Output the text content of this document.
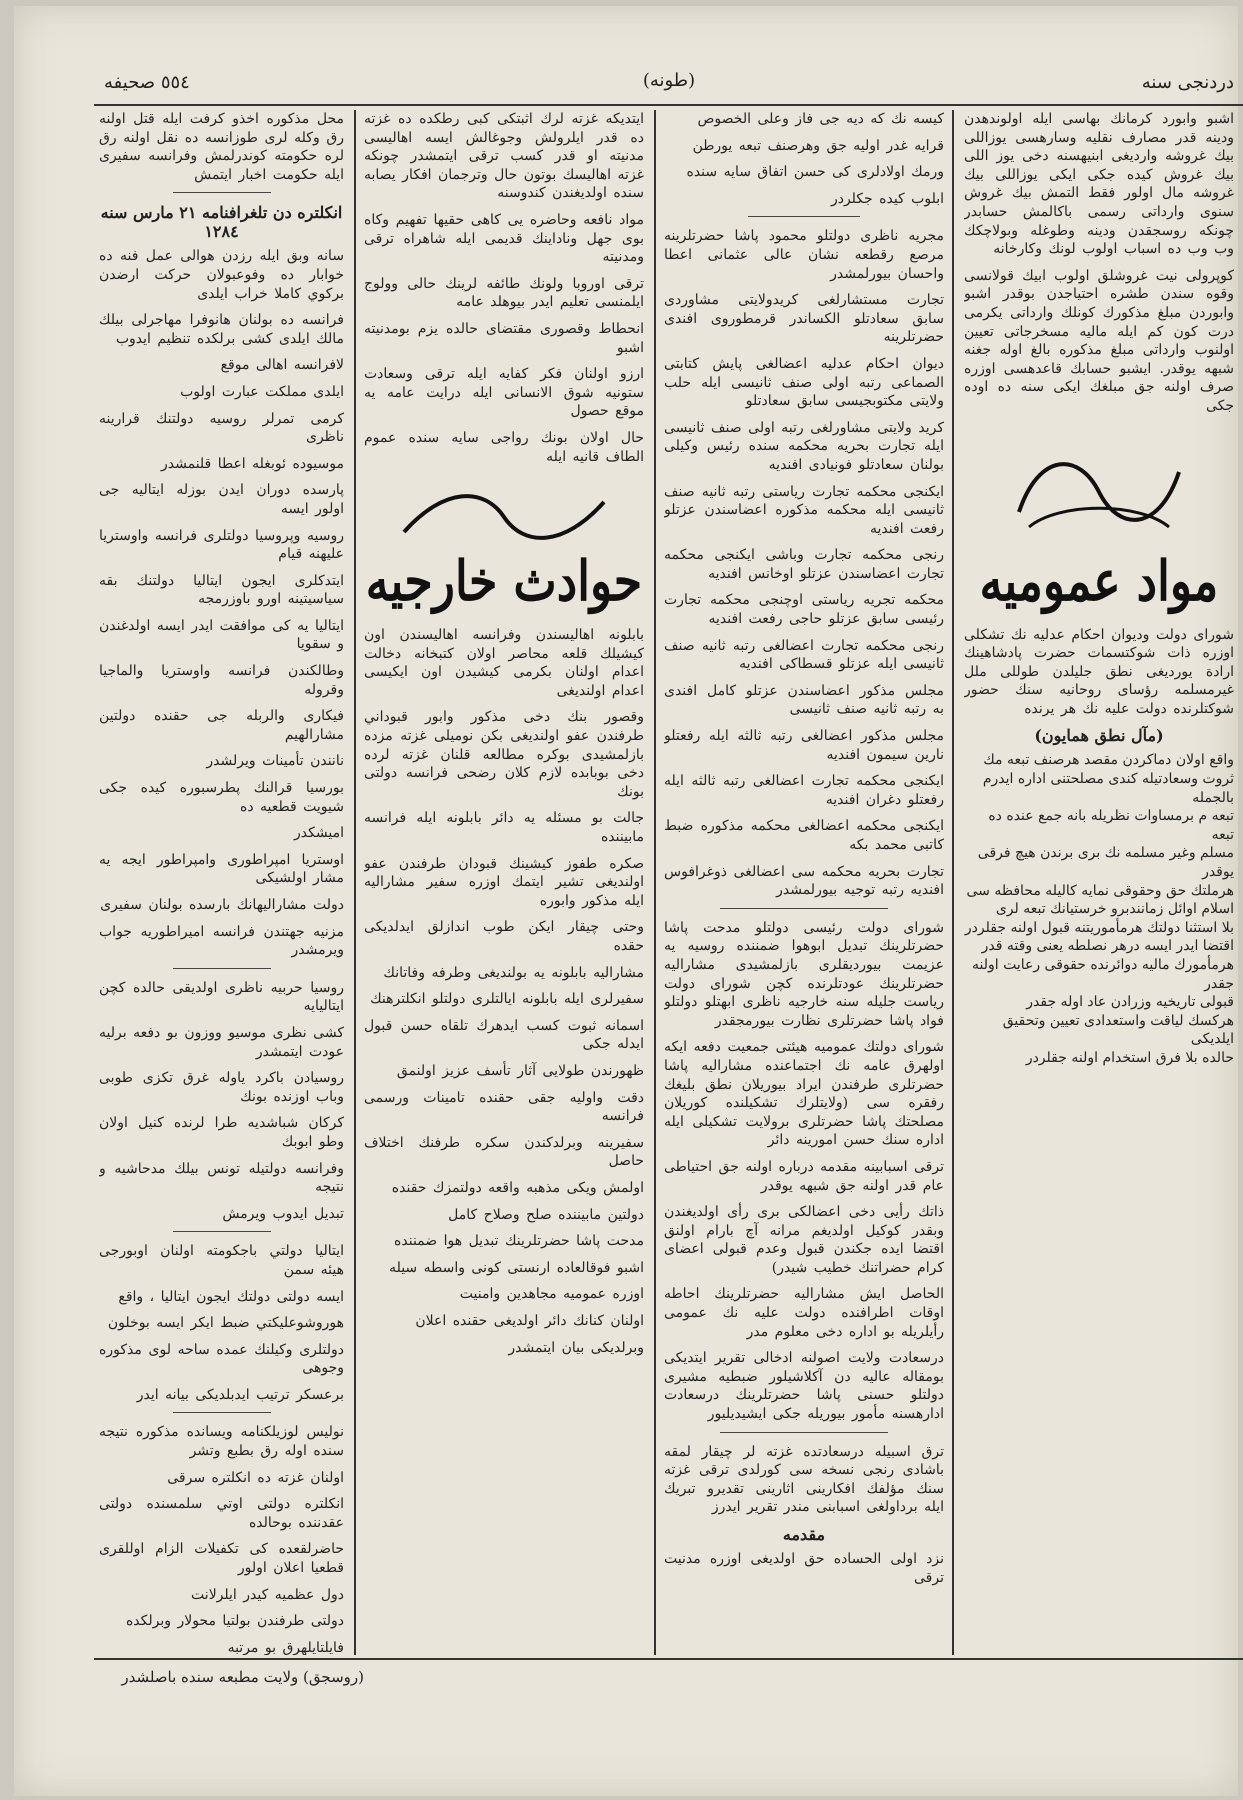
٥٥٤ صحيفه	(طونه)	دردنجى سنه

اشبو وابورد كرمانك بهاسى ايله اولوندهدن ودينه قدر مصارف نقليه وسارهسى يوزاللى بيك غروشه وارديغى ابنيهسنه دخى يوز اللى بيك غروش كيده جكى ايكى يوزاللى بيك غروشه مال اولور فقط التمش بيك غروش سنوى وارداتى رسمى باكالمش حسابدر چونكه روسجقدن ودينه وطوغله وبولاچكك وب وب ده اسباب اولوب لونك وكارخانه

كوپرولى نيت غروشلق اولوب ابيك قولانسى وقوه سندن طشره احتياجدن بوقدر اشبو وابوردن مبلغ مذكورك كونلك وارداتى يكرمى درت كون كم ايله ماليه مسخرجاتى تعيين اولنوب وارداتى مبلغ مذكوره بالغ اوله جغنه شبهه يوقدر. ايشبو حسابك قاعدهسى اوزره صرف اولنه جق مبلغك ايكى سنه ده اوده جكى

مواد عموميه

شوراى دولت وديوان احكام عدليه نك تشكلى اوزره ذات شوكتسمات حضرت پادشاهينك ارادة يورديغى نطق جليلدن طوللى ملل غيرمسلمه رؤساى روحانيه سنك حضور شوكتلرنده دولت عليه نك هر يرنده

(مآل نطق همايون)
واقع اولان دماكردن مقصد هرصنف تبعه مك
ثروت وسعادتيله كندى مصلحتنى اداره ايدرم بالجمله
تبعه م برمساوات نظريله بانه جمع عنده ده تبعه
مسلم وغير مسلمه نك برى برندن هيچ فرقى يوقدر
هرملتك حق وحقوقى نمايه كاليله محافظه سى
اسلام اوائل زمانندبرو خرستيانك تبعه لرى
بلا استثنا دولتك هرمأموريتنه قبول اولنه جقلردر
اقتضا ايدر ايسه درهر نصلطه يعنى وقته قدر
هرمأمورك ماليه دوائرنده حقوقى رعايت اولنه جقدر
قبولى تاريخيه وزرادن عاد اوله جقدر
هركسك لياقت واستعدادى تعيين وتحقيق ايلديكى
حالده بلا فرق استخدام اولنه جقلردر

كيسه نك كه ديه جى فاز وعلى الخصوص

قرايه غدر اوليه جق وهرصنف تبعه يورطن

ورمك اولادلرى كى حسن اتفاق سايه سنده

ابلوب كيده جكلردر

مجريه ناظرى دولتلو محمود پاشا حضرتلرينه مرصع رقطعه نشان عالى عثمانى اعطا واحسان بيورلمشدر

تجارت مستشارلغى كريدولايتى مشاوردى سابق سعادتلو الكساندر قرمطوروى افندى حضرتلرينه

ديوان احكام عدليه اعضالغى پايش كتابتى الصماعى رتبه اولى صنف ثانيسى ايله حلب ولايتى مكتوبجيسى سابق سعادتلو

كريد ولايتى مشاورلغى رتبه اولى صنف ثانيسى ايله تجارت بحريه محكمه سنده رئيس وكيلى بولنان سعادتلو فونيادى افنديه

ايكنجى محكمه تجارت رياستى رتبه ثانيه صنف ثانيسى ايله محكمه مذكوره اعضاسندن عزتلو رفعت افنديه

رنجى محكمه تجارت وباشى ايكنجى محكمه تجارت اعضاسندن عزتلو اوخانس افنديه

محكمه تجريه رياستى اوچنجى محكمه تجارت رئيسى سابق عزتلو حاجى رفعت افنديه

رنجى محكمه تجارت اعضالغى رتبه ثانيه صنف ثانيسى ايله عزتلو قسطاكى افنديه

مجلس مذكور اعضاسندن عزتلو كامل افندى به رتبه ثانيه صنف ثانيسى

مجلس مذكور اعضالغى رتبه ثالثه ايله رفعتلو نارين سيمون افنديه

ايكنجى محكمه تجارت اعضالغى رتبه ثالثه ايله رفعتلو دغران افنديه

ايكنجى محكمه اعضالغى محكمه مذكوره ضبط كاتبى محمد بكه

تجارت بحريه محكمه سى اعضالغى ذوغرافوس افنديه رتبه توجيه بيورلمشدر

شوراى دولت رئيسى دولتلو مدحت پاشا حضرتلرينك تبديل ابوهوا ضمننده روسيه يه عزيمت بيورديقلرى بازلمشيدى مشاراليه حضرتلرينك عودتلرنده كچن شوراى دولت رياست جليله سنه خارجيه ناظرى ابهتلو دولتلو فواد پاشا حضرتلرى نظارت بيورمجقدر

شوراى دولتك عموميه هيئتى جمعيت دفعه ايكه اولهرق عامه نك اجتماعنده مشاراليه پاشا حضرتلرى طرفندن ايراد بيوريلان نطق بليغك رفقره سى (ولايتلرك تشكيلنده كوريلان مصلحتك پاشا حضرتلرى برولايت تشكيلى ايله اداره سنك حسن امورينه دائر

ترقى اسبابينه مقدمه درباره اولنه جق احتياطى عام قدر اولنه جق شبهه يوقدر

ذاتك رأيى دخى اعضالكى برى رأى اولديغندن وبقدر كوكيل اولديغم مرانه آچ بارام اولنق اقتضا ايده جكندن قبول وعدم قبولى اعضاى كرام حضراتنك خطيب شيدر)

الحاصل ايش مشاراليه حضرتلرينك احاطه اوقات اطرافنده دولت عليه نك عمومى رأيلريله بو اداره دخى معلوم مدر

درسعادت ولايت اصولنه ادخالى تقرير ايتديكى بومقاله عاليه دن آكلاشيلور ضبطيه مشيرى دولتلو حسنى پاشا حضرتلرينك درسعادت ادارهسنه مأمور بيوريله جكى ايشيديليور

ترق اسبيله درسعادتده غزته لر چيقار لمقه باشادى رنجى نسخه سى كورلدى ترقى غزته سنك مؤلفك افكارينى اثارينى تقديرو تبريك ايله برداولغى اسبابنى مندر تقرير ايدرز

مقدمه

نزد اولى الحساده حق اولديغى اوزره مدنيت ترقى

ايتديكه غزته لرك اثبتكى كبى رطكده ده غزته ده قدر ايلرولش وجوغالش ايسه اهاليسى مدنيته او قدر كسب ترقى ايتمشدر چونكه غزته اهاليسك بوتون حال وترجمان افكار يصابه سنده اولديغندن كندوسنه

مواد نافعه وحاضره يى كاهى حقيها تفهيم وكاه بوى جهل وناداينك قديمى ايله شاهراه ترقى ومدنيته

ترقى اوروبا ولونك طائفه لرينك حالى وولوج ايلمنسى تعليم ايدر بيوهلد عامه

انحطاط وقصورى مقتضاى حالده يزم بومدنيته اشبو

ارزو اولنان فكر كفايه ايله ترقى وسعادت ستونيه شوق الانسانى ايله درايت عامه يه موقع حصول

حال اولان بونك رواجى سايه سنده عموم الطاف قانيه ايله

حوادث خارجيه

بابلونه اهاليسندن وفرانسه اهاليسندن اون كيشيلك قلعه محاصر اولان كتبخانه دخالت اعدام اولنان بكرمى كيشيدن اون ايكيسى اعدام اولنديغى

وقصور بنك دخى مذكور وابور قبوداني طرفندن عفو اولنديغى بكن نوميلى غزته مزده بازلمشيدى بوكره مطالعه قلنان غزته لرده دخى بوبابده لازم كلان رضحى فرانسه دولتى بونك

جالت بو مسئله يه دائر بابلونه ايله فرانسه مابيننده

صكره طفوز كيشينك قبودان طرفندن عفو اولنديغى تشير ايتمك اوزره سفير مشاراليه ايله مذكور وابوره

وحتى چيقار ايكن طوب اندازلق ايدلديكى حقده

مشاراليه بابلونه يه بولنديغى وطرفه وفاتانك

سفيرلرى ايله بابلونه ايالتلرى دولتلو انكلترهنك

اسمانه ثبوت كسب ايدهرك تلقاه حسن قبول ايدله جكى

ظهورندن طولايى آثار تأسف عزيز اولنمق

دقت واوليه جقى حقنده تامينات ورسمى فرانسه

سفيرينه وبرلدكندن سكره طرفنك اختلاف حاصل

اولمش ويكى مذهبه واقعه دولتمزك حقنده

دولتين مابيننده صلح وصلاح كامل

مدحت پاشا حضرتلرينك تبديل هوا ضمننده

اشبو فوقالعاده ارنستى كونى واسطه سيله

اوزره عموميه مجاهدين وامنيت

اولنان كنانك دائر اولديغى حقنده اعلان

وبرلديكى بيان ايتمشدر

محل مذكوره اخذو كرفت ايله قتل اولنه رق وكله لرى طوزانسه ده نقل اولنه رق لره حكومته كوندرلمش وفرانسه سفيرى ايله حكومت اخبار ايتمش

انكلتره دن تلغرافنامه ٢١ مارس سنه ١٢٨٤

سانه وبق ايله رزدن هوالى عمل فنه ده خوابار ده وفوعبولان حركت ارضدن بركوي كاملا خراب ايلدى

فرانسه ده بولنان هانوفرا مهاجرلى بيلك مالك ايلدى كشى برلكده تنظيم ايدوب

لافرانسه اهالى موقع

ايلدى مملكت عبارت اولوب

كرمى تمرلر روسيه دولتنك قرارينه ناظرى

موسيوده ئوبغله اعطا قلنمشدر

پارسده دوران ايدن بوزله ايتاليه جى اولور ايسه

روسيه وپروسيا دولتلرى فرانسه واوستريا عليهنه قيام

ايتدكلرى ايجون ايتاليا دولتنك بقه سياسيتينه اورو باوزرمجه

ايتاليا يه كى موافقت ايدر ايسه اولدغندن و سقويا

وطالكندن فرانسه واوستريا والماجيا وقروله

فيكارى والربله جى حقنده دولتين مشارالهيم

نانندن تأمينات ويرلشدر

بورسيا قرالنك پطرسبوره كيده جكى شيويت قطعيه ده

اميشكدر

اوستريا امپراطورى وامپراطور ايجه يه مشار اولشيكى

دولت مشاراليهانك بارسده بولنان سفيرى

مزنيه جهتندن فرانسه اميراطوريه جواب ويرمشدر

روسيا حربيه ناظرى اولديقى حالده كچن ايتاليايه

كشى نظرى موسيو ووزون بو دفعه برليه عودت ايتمشدر

روسيادن باكرد ياوله غرق تكزى طوبى وباب اوزنده بونك

كركان شباشديه طرا لرنده كنيل اولان وطو ابوبك

وفرانسه دولتيله تونس بيلك مدحاشيه و نتيجه

تبديل ايدوب ويرمش

ايتاليا دولتي باجكومته اولنان اوبورجى هيئه سمن

ايسه دولتى دولتك ايجون ايتاليا ، واقع

هوروشوعليكتي ضبط ايكر ايسه بوخلون

دولتلرى وكيلنك عمده ساحه لوى مذكوره وجوهى

برعسكر ترتيب ايدبلديكى بيانه ايدر

نوليس لوزيلكنامه ويسانده مذكوره نتيجه سنده اوله رق بطبع وتشر

اولنان غزته ده انكلتره سرقى

انكلتره دولتى اوتي سلمسنده دولتى عقدننده بوحالده

حاضرلقعده كى تكفيلات الزام اوللقرى قطعيا اعلان اولور

دول عظميه كيدر ايلرلانت

دولتى طرفندن بولتيا محولار وبرلكده

فايلتايلهرق بو مرتبه

(روسجق) ولايت مطبعه سنده باصلشدر
